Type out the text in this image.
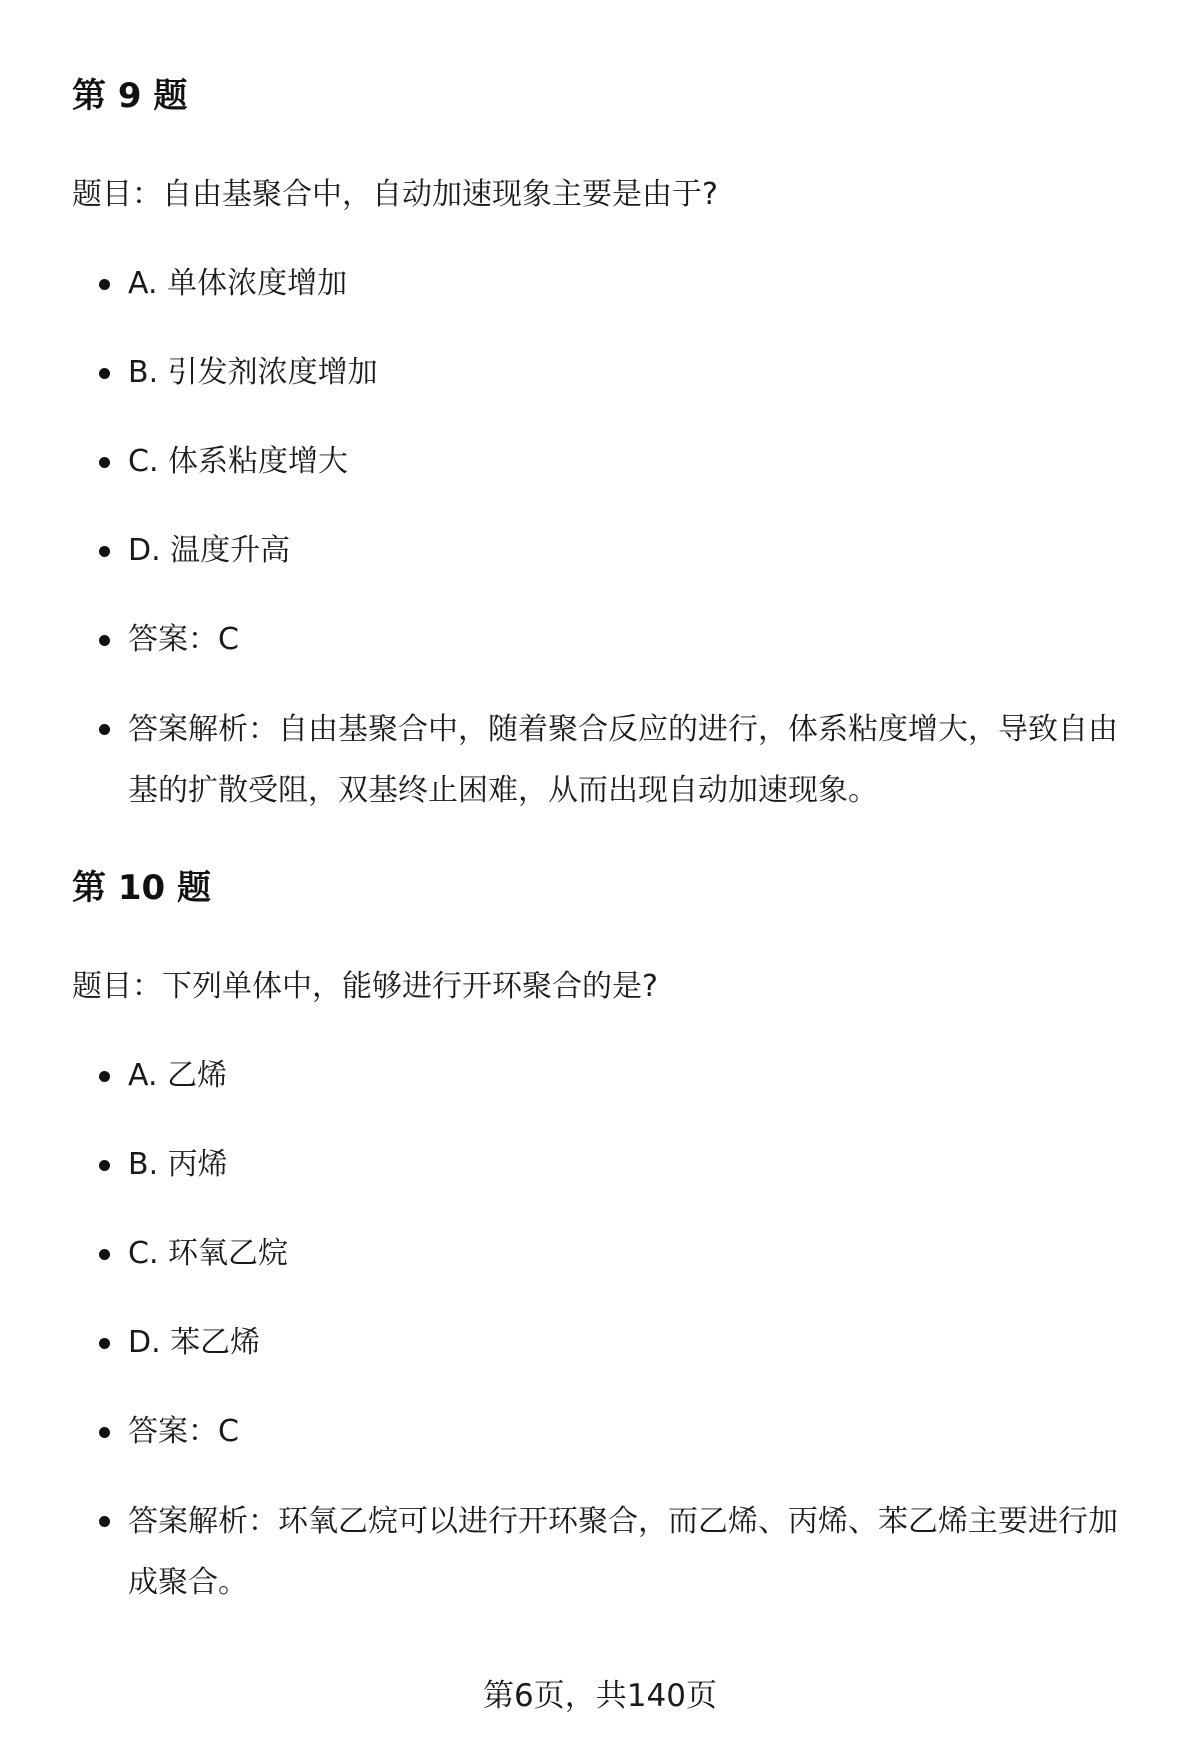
第 9 题

题目：自由基聚合中，自动加速现象主要是由于?

A. 单体浓度增加
B. 引发剂浓度增加
C. 体系粘度增大
D. 温度升高
答案：C
答案解析：自由基聚合中，随着聚合反应的进行，体系粘度增大，导致自由基的扩散受阻，双基终止困难，从而出现自动加速现象。
第 10 题

题目：下列单体中，能够进行开环聚合的是?

A. 乙烯
B. 丙烯
C. 环氧乙烷
D. 苯乙烯
答案：C
答案解析：环氧乙烷可以进行开环聚合，而乙烯、丙烯、苯乙烯主要进行加成聚合。
第6页，共140页
